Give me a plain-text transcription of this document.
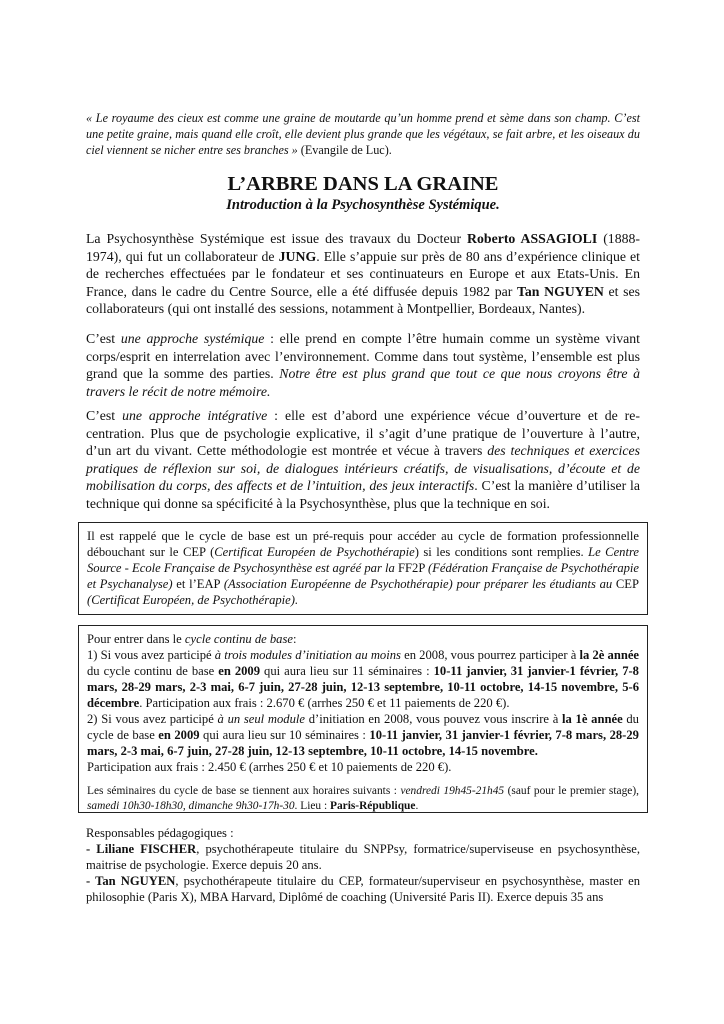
« Le royaume des cieux est comme une graine de moutarde qu’un homme prend et sème dans son champ. C’est une petite graine, mais quand elle croît, elle devient plus grande que les végétaux, se fait arbre, et les oiseaux du ciel viennent se nicher entre ses branches » (Evangile de Luc).
L’ARBRE DANS LA GRAINE
Introduction à la Psychosynthèse Systémique.
La Psychosynthèse Systémique est issue des travaux du Docteur Roberto ASSAGIOLI (1888-1974), qui fut un collaborateur de JUNG. Elle s’appuie sur près de 80 ans d’expérience clinique et de recherches effectuées par le fondateur et ses continuateurs en Europe et aux Etats-Unis. En France, dans le cadre du Centre Source, elle a été diffusée depuis 1982 par Tan NGUYEN et ses collaborateurs (qui ont installé des sessions, notamment à Montpellier, Bordeaux, Nantes).
C’est une approche systémique : elle prend en compte l’être humain comme un système vivant corps/esprit en interrelation avec l’environnement. Comme dans tout système, l’ensemble est plus grand que la somme des parties. Notre être est plus grand que tout ce que nous croyons être à travers le récit de notre mémoire.
C’est une approche intégrative : elle est d’abord une expérience vécue d’ouverture et de re-centration. Plus que de psychologie explicative, il s’agit d’une pratique de l’ouverture à l’autre, d’un art du vivant. Cette méthodologie est montrée et vécue à travers des techniques et exercices pratiques de réflexion sur soi, de dialogues intérieurs créatifs, de visualisations, d’écoute et de mobilisation du corps, des affects et de l’intuition, des jeux interactifs. C’est la manière d’utiliser la technique qui donne sa spécificité à la Psychosynthèse, plus que la technique en soi.
Il est rappelé que le cycle de base est un pré-requis pour accéder au cycle de formation professionnelle débouchant sur le CEP (Certificat Européen de Psychothérapie) si les conditions sont remplies. Le Centre Source - Ecole Française de Psychosynthèse est agréé par la FF2P (Fédération Française de Psychothérapie et Psychanalyse) et l’EAP (Association Européenne de Psychothérapie) pour préparer les étudiants au CEP (Certificat Européen, de Psychothérapie).
Pour entrer dans le cycle continu de base:
1) Si vous avez participé à trois modules d’initiation au moins en 2008, vous pourrez participer à la 2è année du cycle continu de base en 2009 qui aura lieu sur 11 séminaires : 10-11 janvier, 31 janvier-1 février, 7-8 mars, 28-29 mars, 2-3 mai, 6-7 juin, 27-28 juin, 12-13 septembre, 10-11 octobre, 14-15 novembre, 5-6 décembre. Participation aux frais : 2.670 € (arrhes 250 € et 11 paiements de 220 €).
2) Si vous avez participé à un seul module d’initiation en 2008, vous pouvez vous inscrire à la 1è année du cycle de base en 2009 qui aura lieu sur 10 séminaires : 10-11 janvier, 31 janvier-1 février, 7-8 mars, 28-29 mars, 2-3 mai, 6-7 juin, 27-28 juin, 12-13 septembre, 10-11 octobre, 14-15 novembre.
Participation aux frais : 2.450 € (arrhes 250 € et 10 paiements de 220 €).
Les séminaires du cycle de base se tiennent aux horaires suivants : vendredi 19h45-21h45 (sauf pour le premier stage), samedi 10h30-18h30, dimanche 9h30-17h-30. Lieu : Paris-République.
Responsables pédagogiques :
- Liliane FISCHER, psychothérapeute titulaire du SNPPsy, formatrice/superviseuse en psychosynthèse, maitrise de psychologie. Exerce depuis 20 ans.
- Tan NGUYEN, psychothérapeute titulaire du CEP, formateur/superviseur en psychosynthèse, master en philosophie (Paris X), MBA Harvard, Diplômé de coaching (Université Paris II). Exerce depuis 35 ans
